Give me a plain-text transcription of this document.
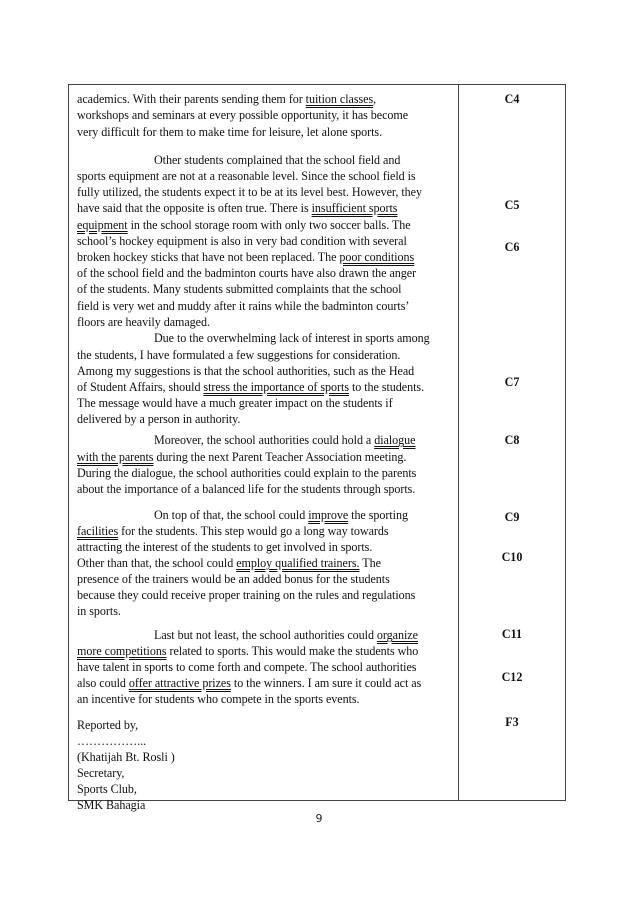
academics. With their parents sending them for tuition classes,
workshops and seminars at every possible opportunity, it has become
very difficult for them to make time for leisure, let alone sports.
Other students complained that the school field and
sports equipment are not at a reasonable level. Since the school field is
fully utilized, the students expect it to be at its level best. However, they
have said that the opposite is often true. There is insufficient sports
equipment in the school storage room with only two soccer balls. The
school’s hockey equipment is also in very bad condition with several
broken hockey sticks that have not been replaced. The poor conditions
of the school field and the badminton courts have also drawn the anger
of the students. Many students submitted complaints that the school
field is very wet and muddy after it rains while the badminton courts’
floors are heavily damaged.
Due to the overwhelming lack of interest in sports among
the students, I have formulated a few suggestions for consideration.
Among my suggestions is that the school authorities, such as the Head
of Student Affairs, should stress the importance of sports to the students.
The message would have a much greater impact on the students if
delivered by a person in authority.
Moreover, the school authorities could hold a dialogue
with the parents during the next Parent Teacher Association meeting.
During the dialogue, the school authorities could explain to the parents
about the importance of a balanced life for the students through sports.
On top of that, the school could improve the sporting
facilities for the students. This step would go a long way towards
attracting the interest of the students to get involved in sports.
Other than that, the school could employ qualified trainers. The
presence of the trainers would be an added bonus for the students
because they could receive proper training on the rules and regulations
in sports.
Last but not least, the school authorities could organize
more competitions related to sports. This would make the students who
have talent in sports to come forth and compete. The school authorities
also could offer attractive prizes to the winners. I am sure it could act as
an incentive for students who compete in the sports events.
Reported by,
……………...
(Khatijah Bt. Rosli )
Secretary,
Sports Club,
SMK Bahagia
C4
C5
C6
C7
C8
C9
C10
C11
C12
F3
9
